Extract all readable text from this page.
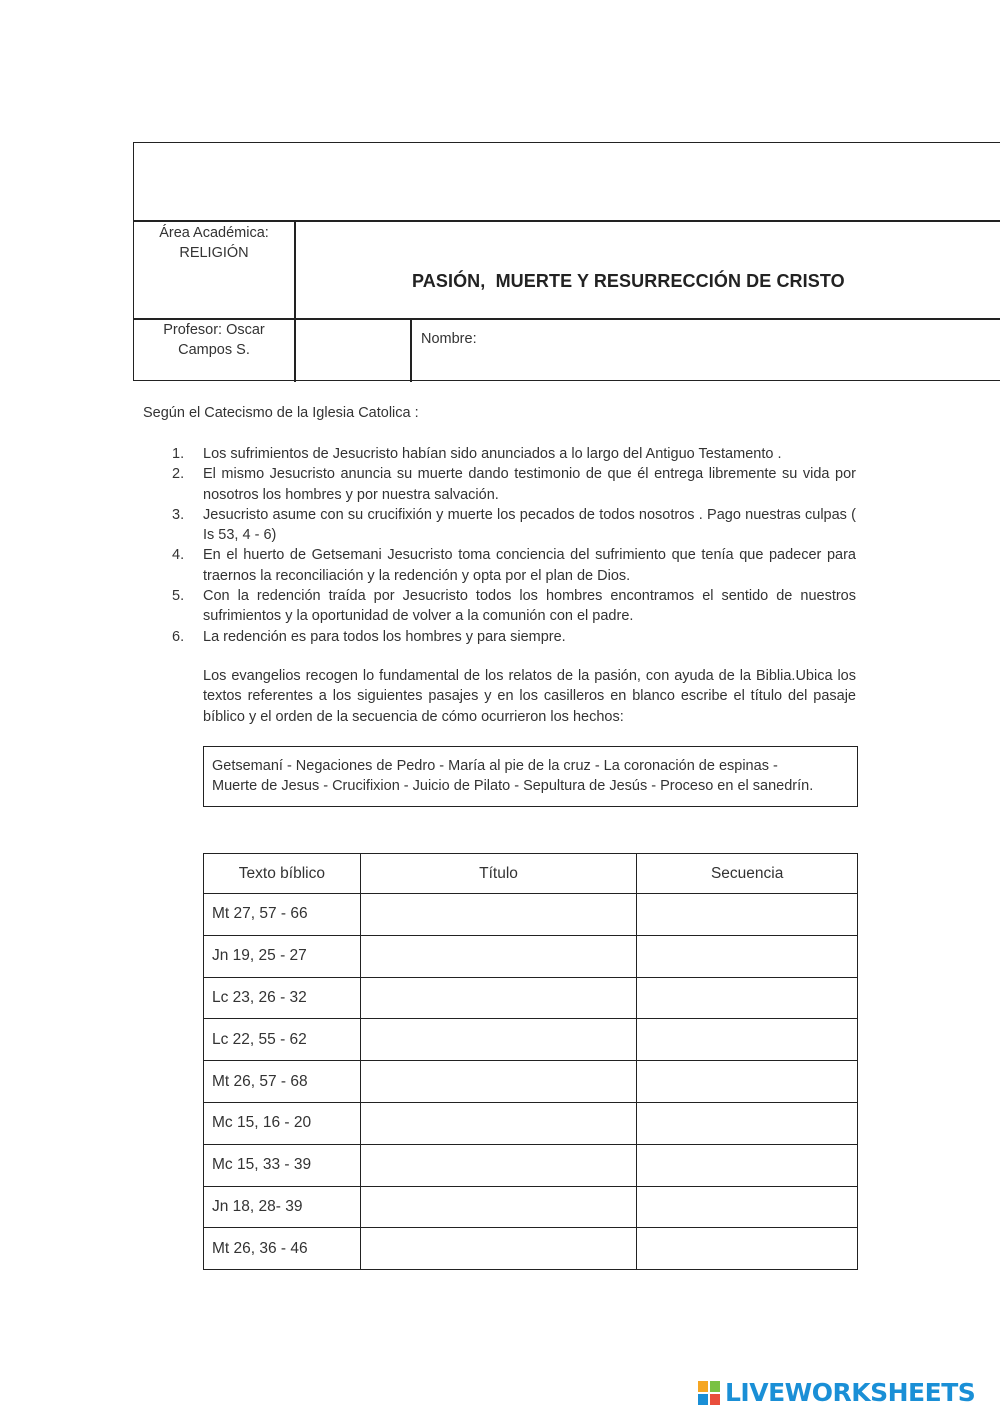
Área Académica:
RELIGIÓN
PASIÓN,  MUERTE Y RESURRECCIÓN DE CRISTO
Profesor: Oscar
Campos S.
Nombre:
Según el Catecismo de la Iglesia Catolica :
1.	Los sufrimientos de Jesucristo habían sido anunciados a lo largo del Antiguo Testamento .
2.	El mismo Jesucristo anuncia su muerte dando testimonio de que él entrega libremente su vida por nosotros los hombres y por nuestra salvación.
3.	Jesucristo asume con su crucifixión y muerte los pecados de todos nosotros . Pago nuestras culpas ( Is 53, 4 - 6)
4.	En el huerto de Getsemani Jesucristo toma conciencia del sufrimiento que tenía que padecer para traernos la reconciliación y la redención y opta por el plan de Dios.
5.	Con la redención traída por Jesucristo todos los hombres encontramos el sentido de nuestros sufrimientos y la oportunidad de volver a la comunión con el padre.
6.	La redención es para todos los hombres y para siempre.
Los evangelios recogen lo fundamental de los relatos de la pasión, con ayuda de la Biblia.Ubica los textos referentes a los siguientes pasajes y en los casilleros en blanco escribe el título del pasaje bíblico y el orden de la secuencia de cómo ocurrieron los hechos:
Getsemaní - Negaciones de Pedro - María al pie de la cruz - La coronación de espinas -
Muerte de Jesus - Crucifixion - Juicio de Pilato - Sepultura de Jesús - Proceso en el sanedrín.
Texto bíblico	Título	Secuencia
Mt 27, 57 - 66		
Jn 19, 25 - 27		
Lc 23, 26 - 32		
Lc 22, 55 - 62		
Mt 26, 57 - 68		
Mc 15, 16 - 20		
Mc 15, 33 - 39		
Jn 18, 28- 39		
Mt 26, 36 - 46		
LIVEWORKSHEETS
